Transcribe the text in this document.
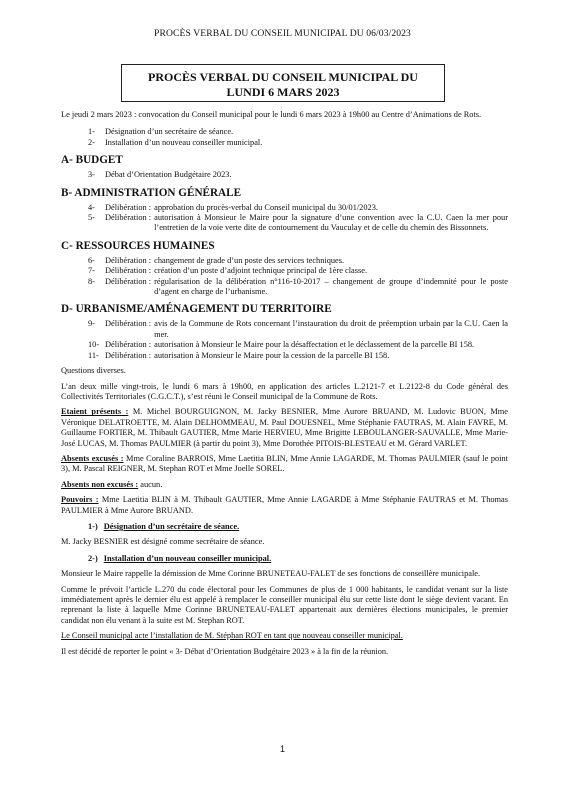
PROCÈS VERBAL DU CONSEIL MUNICIPAL DU 06/03/2023
PROCÈS VERBAL DU CONSEIL MUNICIPAL DU
LUNDI 6 MARS 2023

Le jeudi 2 mars 2023 : convocation du Conseil municipal pour le lundi 6 mars 2023 à 19h00 au Centre d’Animations de Rots.

1-	Désignation d’un secrétaire de séance.
2-	Installation d’un nouveau conseiller municipal.
A- BUDGET
3-	Débat d’Orientation Budgétaire 2023.
B- ADMINISTRATION GÉNÉRALE
4-	Délibération : approbation du procès-verbal du Conseil municipal du 30/01/2023.
5-	Délibération : autorisation à Monsieur le Maire pour la signature d’une convention avec la C.U. Caen la mer pour l’entretien de la voie verte dite de contournement du Vauculay et de celle du chemin des Bissonnets.
C- RESSOURCES HUMAINES
6-	Délibération : changement de grade d’un poste des services techniques.
7-	Délibération : création d’un poste d’adjoint technique principal de 1ère classe.
8-	Délibération : régularisation de la délibération n°116-10-2017 – changement de groupe d’indemnité pour le poste d’agent en charge de l’urbanisme.
D- URBANISME/AMÉNAGEMENT DU TERRITOIRE
9-	Délibération : avis de la Commune de Rots concernant l’instauration du droit de préemption urbain par la C.U. Caen la mer.
10- Délibération : autorisation à Monsieur le Maire pour la désaffectation et le déclassement de la parcelle BI 158.
11- Délibération : autorisation à Monsieur le Maire pour la cession de la parcelle BI 158.

Questions diverses.

L’an deux mille vingt-trois, le lundi 6 mars à 19h00, en application des articles L.2121-7 et L.2122-8 du Code général des Collectivités Territoriales (C.G.C.T.), s’est réuni le Conseil municipal de la Commune de Rots.

Etaient présents : M. Michel BOURGUIGNON, M. Jacky BESNIER, Mme Aurore BRUAND, M. Ludovic BUON, Mme Véronique DELATROETTE, M. Alain DELHOMMEAU, M. Paul DOUESNEL, Mme Stéphanie FAUTRAS, M. Alain FAVRE, M. Guillaume FORTIER, M. Thibault GAUTIER, Mme Marie HERVIEU, Mme Brigitte LEBOULANGER-SAUVALLE, Mme Marie-José LUCAS, M. Thomas PAULMIER (à partir du point 3), Mme Dorothée PITOIS-BLESTEAU et M. Gérard VARLET.

Absents excusés : Mme Coraline BARROIS, Mme Laetitia BLIN, Mme Annie LAGARDE, M. Thomas PAULMIER (sauf le point 3), M. Pascal REIGNER, M. Stephan ROT et Mme Joelle SOREL.

Absents non excusés : aucun.

Pouvoirs : Mme Laetitia BLIN à M. Thibault GAUTIER, Mme Annie LAGARDE à Mme Stéphanie FAUTRAS et M. Thomas PAULMIER à Mme Aurore BRUAND.

1-) Désignation d’un secrétaire de séance.

M. Jacky BESNIER est désigné comme secrétaire de séance.

2-) Installation d’un nouveau conseiller municipal.

Monsieur le Maire rappelle la démission de Mme Corinne BRUNETEAU-FALET de ses fonctions de conseillère municipale.

Comme le prévoit l’article L.270 du code électoral pour les Communes de plus de 1 000 habitants, le candidat venant sur la liste immédiatement après le dernier élu est appelé à remplacer le conseiller municipal élu sur cette liste dont le siège devient vacant. En reprenant la liste à laquelle Mme Corinne BRUNETEAU-FALET appartenait aux dernières élections municipales, le premier candidat non élu venant à la suite est M. Stephan ROT.

Le Conseil municipal acte l’installation de M. Stéphan ROT en tant que nouveau conseiller municipal.

Il est décidé de reporter le point « 3- Débat d’Orientation Budgétaire 2023 » à la fin de la réunion.

1
